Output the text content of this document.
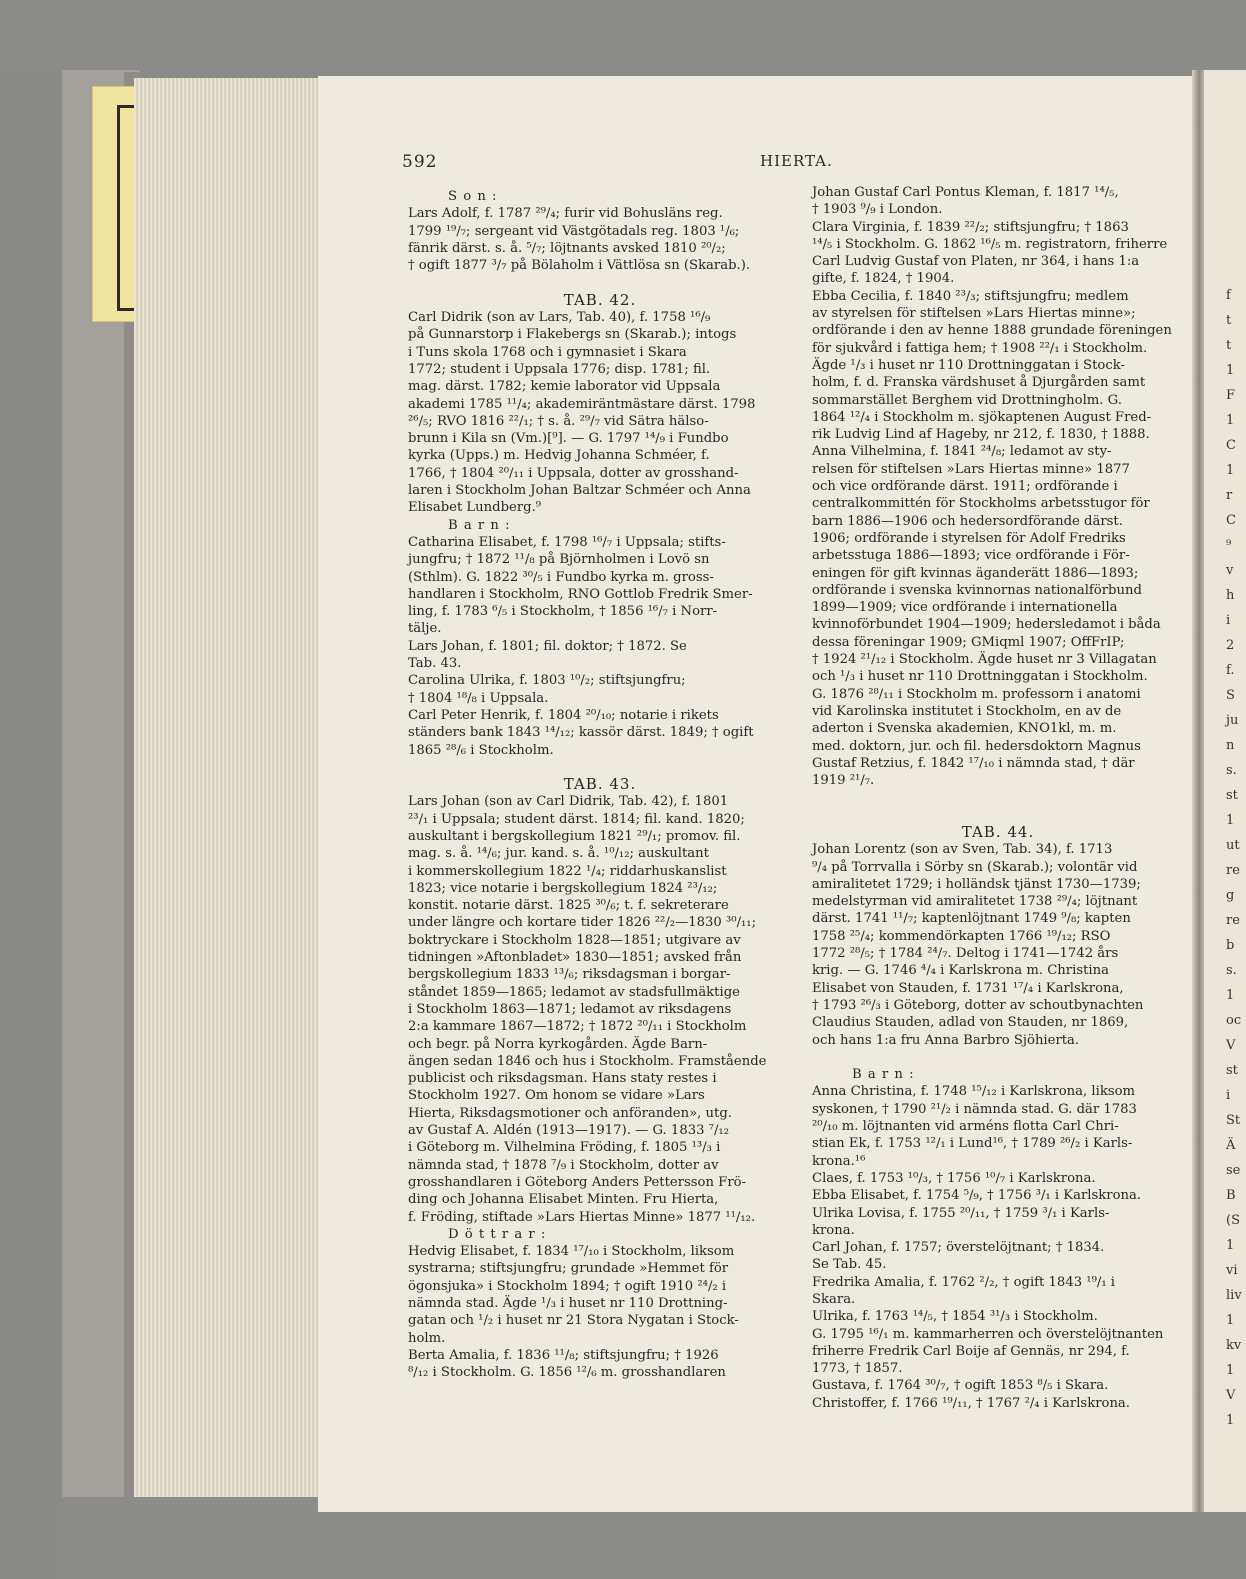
f
t
t
1
F
1
C
1
r
C
⁹
v
h
i
2
f.
S
ju
n
s.
st
1
ut
re
g
re
b
s.
1
oc
V
st
i
St
Ä
se
B
(S
1
vi
liv
1
kv
1
V
1
592	HIERTA.
S o n :
Lars Adolf, f. 1787 ²⁹/₄; furir vid Bohusläns reg.
1799 ¹⁹/₇; sergeant vid Västgötadals reg. 1803 ¹/₆;
fänrik därst. s. å. ⁵/₇; löjtnants avsked 1810 ²⁰/₂;
† ogift 1877 ³/₇ på Bölaholm i Vättlösa sn (Skarab.).
TAB. 42.
Carl Didrik (son av Lars, Tab. 40), f. 1758 ¹⁶/₉
på Gunnarstorp i Flakebergs sn (Skarab.); intogs
i Tuns skola 1768 och i gymnasiet i Skara
1772; student i Uppsala 1776; disp. 1781; fil.
mag. därst. 1782; kemie laborator vid Uppsala
akademi 1785 ¹¹/₄; akademiräntmästare därst. 1798
²⁶/₅; RVO 1816 ²²/₁; † s. å. ²⁹/₇ vid Sätra hälso-
brunn i Kila sn (Vm.)[⁹]. — G. 1797 ¹⁴/₉ i Fundbo
kyrka (Upps.) m. Hedvig Johanna Schméer, f.
1766, † 1804 ²⁰/₁₁ i Uppsala, dotter av grosshand-
laren i Stockholm Johan Baltzar Schméer och Anna
Elisabet Lundberg.⁹
B a r n :
Catharina Elisabet, f. 1798 ¹⁶/₇ i Uppsala; stifts-
jungfru; † 1872 ¹¹/₈ på Björnholmen i Lovö sn
(Sthlm). G. 1822 ³⁰/₅ i Fundbo kyrka m. gross-
handlaren i Stockholm, RNO Gottlob Fredrik Smer-
ling, f. 1783 ⁶/₅ i Stockholm, † 1856 ¹⁶/₇ i Norr-
tälje.
Lars Johan, f. 1801; fil. doktor; † 1872. Se
Tab. 43.
Carolina Ulrika, f. 1803 ¹⁰/₂; stiftsjungfru;
† 1804 ¹⁸/₈ i Uppsala.
Carl Peter Henrik, f. 1804 ²⁰/₁₀; notarie i rikets
ständers bank 1843 ¹⁴/₁₂; kassör därst. 1849; † ogift
1865 ²⁸/₆ i Stockholm.
TAB. 43.
Lars Johan (son av Carl Didrik, Tab. 42), f. 1801
²³/₁ i Uppsala; student därst. 1814; fil. kand. 1820;
auskultant i bergskollegium 1821 ²⁹/₁; promov. fil.
mag. s. å. ¹⁴/₆; jur. kand. s. å. ¹⁰/₁₂; auskultant
i kommerskollegium 1822 ¹/₄; riddarhuskanslist
1823; vice notarie i bergskollegium 1824 ²³/₁₂;
konstit. notarie därst. 1825 ³⁰/₆; t. f. sekreterare
under längre och kortare tider 1826 ²²/₂—1830 ³⁰/₁₁;
boktryckare i Stockholm 1828—1851; utgivare av
tidningen »Aftonbladet» 1830—1851; avsked från
bergskollegium 1833 ¹³/₆; riksdagsman i borgar-
ståndet 1859—1865; ledamot av stadsfullmäktige
i Stockholm 1863—1871; ledamot av riksdagens
2:a kammare 1867—1872; † 1872 ²⁰/₁₁ i Stockholm
och begr. på Norra kyrkogården. Ägde Barn-
ängen sedan 1846 och hus i Stockholm. Framstående
publicist och riksdagsman. Hans staty restes i
Stockholm 1927. Om honom se vidare »Lars
Hierta, Riksdagsmotioner och anföranden», utg.
av Gustaf A. Aldén (1913—1917). — G. 1833 ⁷/₁₂
i Göteborg m. Vilhelmina Fröding, f. 1805 ¹³/₃ i
nämnda stad, † 1878 ⁷/₉ i Stockholm, dotter av
grosshandlaren i Göteborg Anders Pettersson Frö-
ding och Johanna Elisabet Minten. Fru Hierta,
f. Fröding, stiftade »Lars Hiertas Minne» 1877 ¹¹/₁₂.
D ö t t r a r :
Hedvig Elisabet, f. 1834 ¹⁷/₁₀ i Stockholm, liksom
systrarna; stiftsjungfru; grundade »Hemmet för
ögonsjuka» i Stockholm 1894; † ogift 1910 ²⁴/₂ i
nämnda stad. Ägde ¹/₃ i huset nr 110 Drottning-
gatan och ¹/₂ i huset nr 21 Stora Nygatan i Stock-
holm.
Berta Amalia, f. 1836 ¹¹/₈; stiftsjungfru; † 1926
⁸/₁₂ i Stockholm. G. 1856 ¹²/₆ m. grosshandlaren
Johan Gustaf Carl Pontus Kleman, f. 1817 ¹⁴/₅,
† 1903 ⁹/₉ i London.
Clara Virginia, f. 1839 ²²/₂; stiftsjungfru; † 1863
¹⁴/₅ i Stockholm. G. 1862 ¹⁶/₅ m. registratorn, friherre
Carl Ludvig Gustaf von Platen, nr 364, i hans 1:a
gifte, f. 1824, † 1904.
Ebba Cecilia, f. 1840 ²³/₃; stiftsjungfru; medlem
av styrelsen för stiftelsen »Lars Hiertas minne»;
ordförande i den av henne 1888 grundade föreningen
för sjukvård i fattiga hem; † 1908 ²²/₁ i Stockholm.
Ägde ¹/₃ i huset nr 110 Drottninggatan i Stock-
holm, f. d. Franska värdshuset å Djurgården samt
sommarstället Berghem vid Drottningholm. G.
1864 ¹²/₄ i Stockholm m. sjökaptenen August Fred-
rik Ludvig Lind af Hageby, nr 212, f. 1830, † 1888.
Anna Vilhelmina, f. 1841 ²⁴/₈; ledamot av sty-
relsen för stiftelsen »Lars Hiertas minne» 1877
och vice ordförande därst. 1911; ordförande i
centralkommittén för Stockholms arbetsstugor för
barn 1886—1906 och hedersordförande därst.
1906; ordförande i styrelsen för Adolf Fredriks
arbetsstuga 1886—1893; vice ordförande i För-
eningen för gift kvinnas äganderätt 1886—1893;
ordförande i svenska kvinnornas nationalförbund
1899—1909; vice ordförande i internationella
kvinnoförbundet 1904—1909; hedersledamot i båda
dessa föreningar 1909; GMiqml 1907; OffFrIP;
† 1924 ²¹/₁₂ i Stockholm. Ägde huset nr 3 Villagatan
och ¹/₃ i huset nr 110 Drottninggatan i Stockholm.
G. 1876 ²⁸/₁₁ i Stockholm m. professorn i anatomi
vid Karolinska institutet i Stockholm, en av de
aderton i Svenska akademien, KNO1kl, m. m.
med. doktorn, jur. och fil. hedersdoktorn Magnus
Gustaf Retzius, f. 1842 ¹⁷/₁₀ i nämnda stad, † där
1919 ²¹/₇.
TAB. 44.
Johan Lorentz (son av Sven, Tab. 34), f. 1713
⁹/₄ på Torrvalla i Sörby sn (Skarab.); volontär vid
amiralitetet 1729; i holländsk tjänst 1730—1739;
medelstyrman vid amiralitetet 1738 ²⁹/₄; löjtnant
därst. 1741 ¹¹/₇; kaptenlöjtnant 1749 ⁹/₈; kapten
1758 ²⁵/₄; kommendörkapten 1766 ¹⁹/₁₂; RSO
1772 ²⁸/₅; † 1784 ²⁴/₇. Deltog i 1741—1742 års
krig. — G. 1746 ⁴/₄ i Karlskrona m. Christina
Elisabet von Stauden, f. 1731 ¹⁷/₄ i Karlskrona,
† 1793 ²⁶/₃ i Göteborg, dotter av schoutbynachten
Claudius Stauden, adlad von Stauden, nr 1869,
och hans 1:a fru Anna Barbro Sjöhierta.
B a r n :
Anna Christina, f. 1748 ¹⁵/₁₂ i Karlskrona, liksom
syskonen, † 1790 ²¹/₂ i nämnda stad. G. där 1783
²⁰/₁₀ m. löjtnanten vid arméns flotta Carl Chri-
stian Ek, f. 1753 ¹²/₁ i Lund¹⁶, † 1789 ²⁶/₂ i Karls-
krona.¹⁶
Claes, f. 1753 ¹⁰/₃, † 1756 ¹⁰/₇ i Karlskrona.
Ebba Elisabet, f. 1754 ⁵/₉, † 1756 ³/₁ i Karlskrona.
Ulrika Lovisa, f. 1755 ²⁰/₁₁, † 1759 ³/₁ i Karls-
krona.
Carl Johan, f. 1757; överstelöjtnant; † 1834.
Se Tab. 45.
Fredrika Amalia, f. 1762 ²/₂, † ogift 1843 ¹⁹/₁ i
Skara.
Ulrika, f. 1763 ¹⁴/₅, † 1854 ³¹/₃ i Stockholm.
G. 1795 ¹⁶/₁ m. kammarherren och överstelöjtnanten
friherre Fredrik Carl Boije af Gennäs, nr 294, f.
1773, † 1857.
Gustava, f. 1764 ³⁰/₇, † ogift 1853 ⁸/₅ i Skara.
Christoffer, f. 1766 ¹⁹/₁₁, † 1767 ²/₄ i Karlskrona.
